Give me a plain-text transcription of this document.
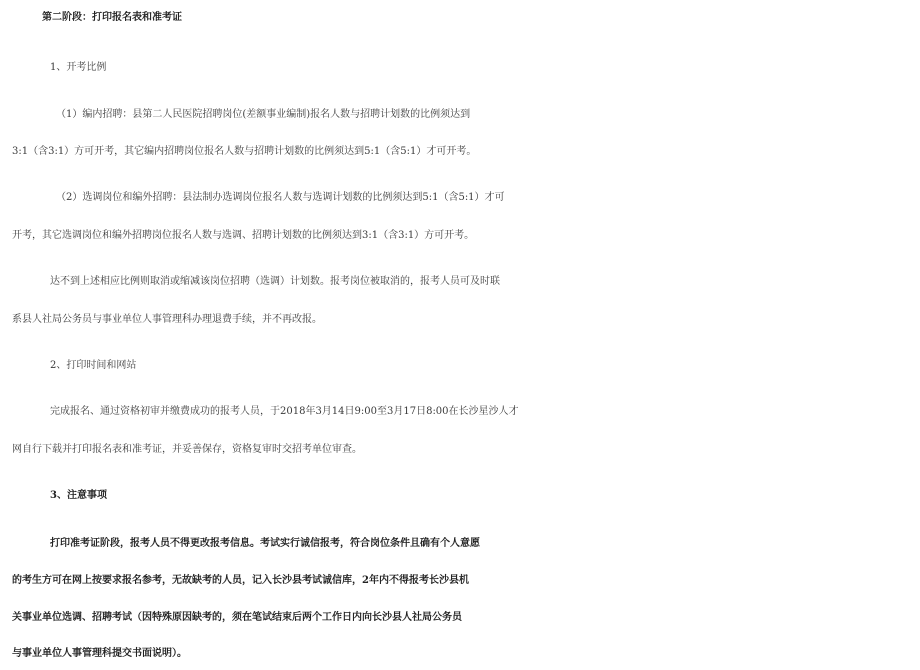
第二阶段：打印报名表和准考证
1、开考比例
（1）编内招聘：县第二人民医院招聘岗位(差额事业编制)报名人数与招聘计划数的比例须达到
3:1（含3:1）方可开考，其它编内招聘岗位报名人数与招聘计划数的比例须达到5:1（含5:1）才可开考。
（2）选调岗位和编外招聘：县法制办选调岗位报名人数与选调计划数的比例须达到5:1（含5:1）才可
开考，其它选调岗位和编外招聘岗位报名人数与选调、招聘计划数的比例须达到3:1（含3:1）方可开考。
达不到上述相应比例则取消或缩减该岗位招聘（选调）计划数。报考岗位被取消的，报考人员可及时联
系县人社局公务员与事业单位人事管理科办理退费手续，并不再改报。
2、打印时间和网站
完成报名、通过资格初审并缴费成功的报考人员，于2018年3月14日9:00至3月17日8:00在长沙星沙人才
网自行下载并打印报名表和准考证，并妥善保存，资格复审时交招考单位审查。
3、注意事项
打印准考证阶段，报考人员不得更改报考信息。考试实行诚信报考，符合岗位条件且确有个人意愿
的考生方可在网上按要求报名参考，无故缺考的人员，记入长沙县考试诚信库，2年内不得报考长沙县机
关事业单位选调、招聘考试（因特殊原因缺考的，须在笔试结束后两个工作日内向长沙县人社局公务员
与事业单位人事管理科提交书面说明）。
